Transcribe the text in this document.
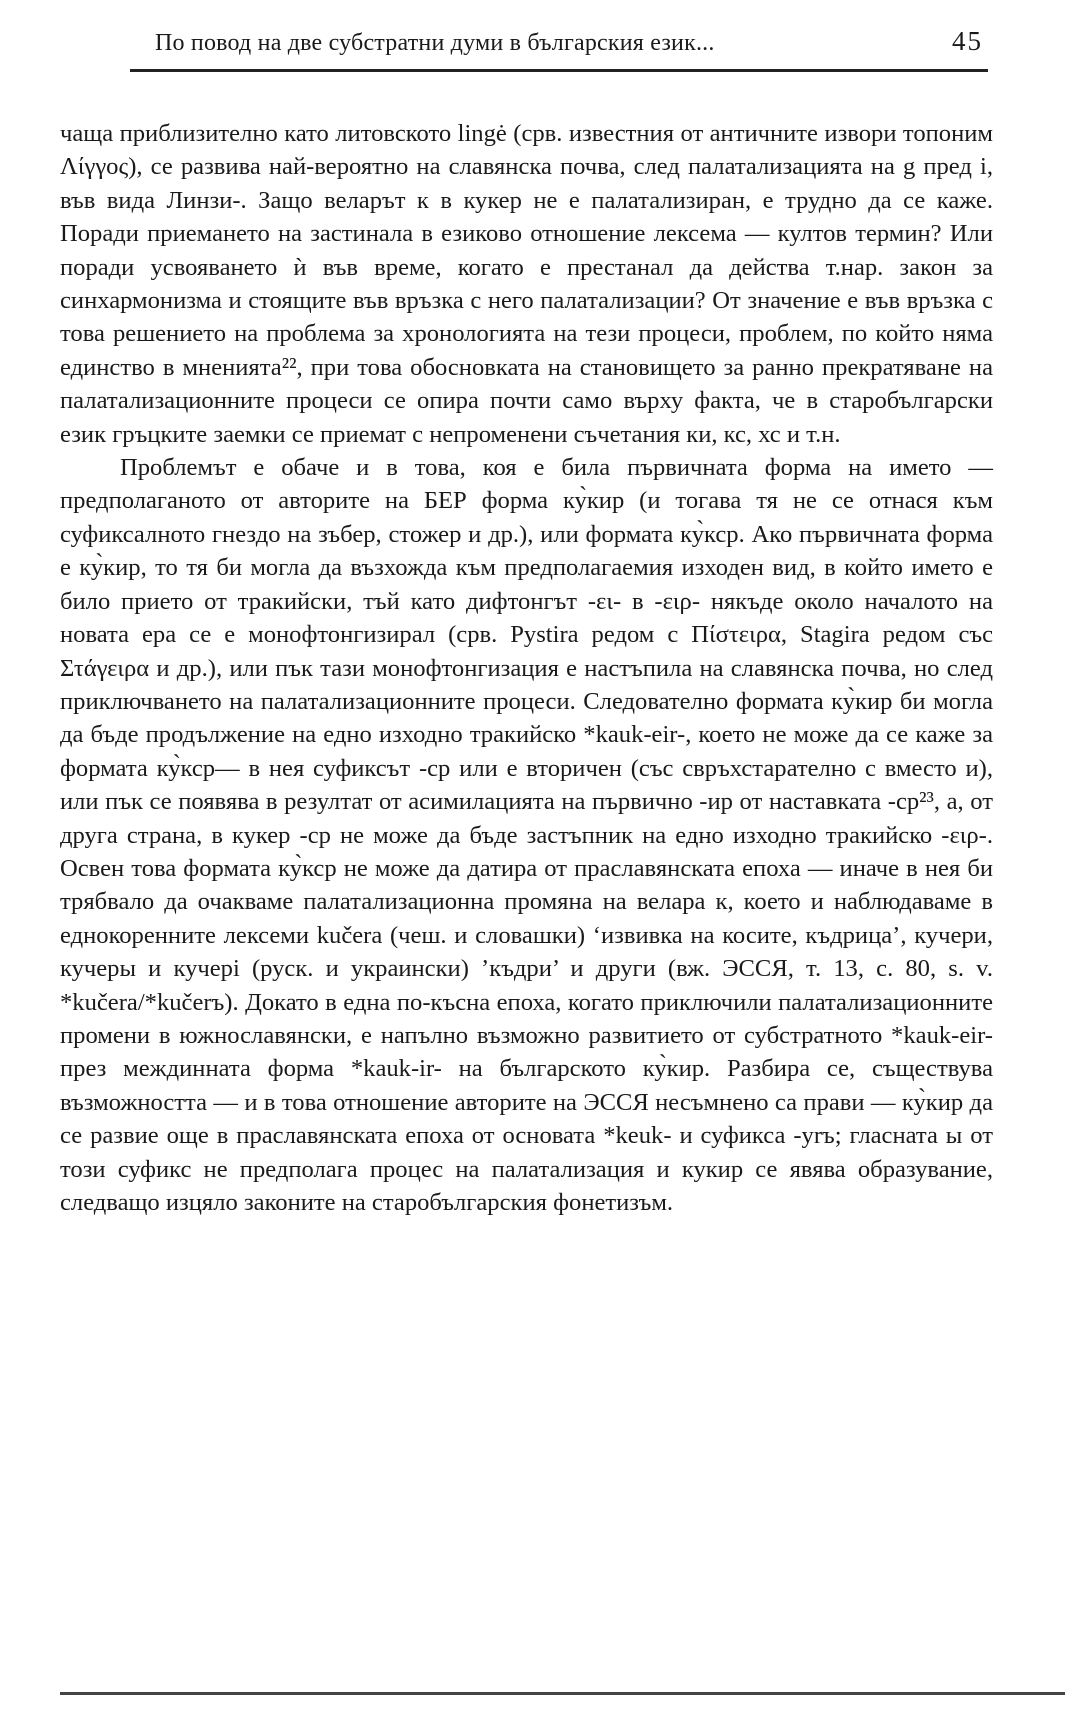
По повод на две субстратни думи в българския език...	45

чаща приблизително като литовското lingė (срв. известния от античните извори топоним Λίγγος), се развива най-вероятно на славянска почва, след палатализацията на g пред i, във вида Линзи-. Защо веларът к в кукер не е палатализиран, е трудно да се каже. Поради приемането на застинала в езиково отношение лексема — култов термин? Или поради усвояването ѝ във време, когато е престанал да действа т.нар. закон за синхармонизма и стоящите във връзка с него палатализации? От значение е във връзка с това решението на проблема за хронологията на тези процеси, проблем, по който няма единство в мненията²², при това обосновката на становището за ранно прекратяване на палатализационните процеси се опира почти само върху факта, че в старобългарски език гръцките заемки се приемат с непроменени съчетания ки, кс, хс и т.н.

Проблемът е обаче и в това, коя е била първичната форма на името — предполаганото от авторите на БЕР форма ку̀кир (и тогава тя не се отнася към суфиксалното гнездо на зъбер, стожер и др.), или формата ку̀кср. Ако първичната форма е ку̀кир, то тя би могла да възхожда към предполагаемия изходен вид, в който името е било прието от тракийски, тъй като дифтонгът -ει- в -ειρ- някъде около началото на новата ера се е монофтонгизирал (срв. Pystira редом с Πίστειρα, Stagira редом със Στάγειρα и др.), или пък тази монофтонгизация е настъпила на славянска почва, но след приключването на палатализационните процеси. Следователно формата ку̀кир би могла да бъде продължение на едно изходно тракийско *kauk-eir-, което не може да се каже за формата ку̀кср— в нея суфиксът -ср или е вторичен (със свръхстарателно с вместо и), или пък се появява в резултат от асимилацията на първично -ир от наставката -ср²³, а, от друга страна, в кукер -ср не може да бъде застъпник на едно изходно тракийско -ειρ-. Освен това формата ку̀кср не може да датира от праславянската епоха — иначе в нея би трябвало да очакваме палатализационна промяна на велара к, което и наблюдаваме в еднокоренните лексеми kučera (чеш. и словашки) ‘извивка на косите, къдрица’, кучери, кучеры и кучерi (руск. и украински) ’къдри’ и други (вж. ЭССЯ, т. 13, с. 80, s. v. *kučera/*kučerъ). Докато в една по-късна епоха, когато приключили палатализационните промени в южнославянски, е напълно възможно развитието от субстратното *kauk-eir- през междинната форма *kauk-ir- на българското ку̀кир. Разбира се, съществува възможността — и в това отношение авторите на ЭССЯ несъмнено са прави — ку̀кир да се развие още в праславянската епоха от основата *keuk- и суфикса -уrъ; гласната ы от този суфикс не предполага процес на палатализация и кукир се явява образувание, следващо изцяло законите на старобългарския фонетизъм.
